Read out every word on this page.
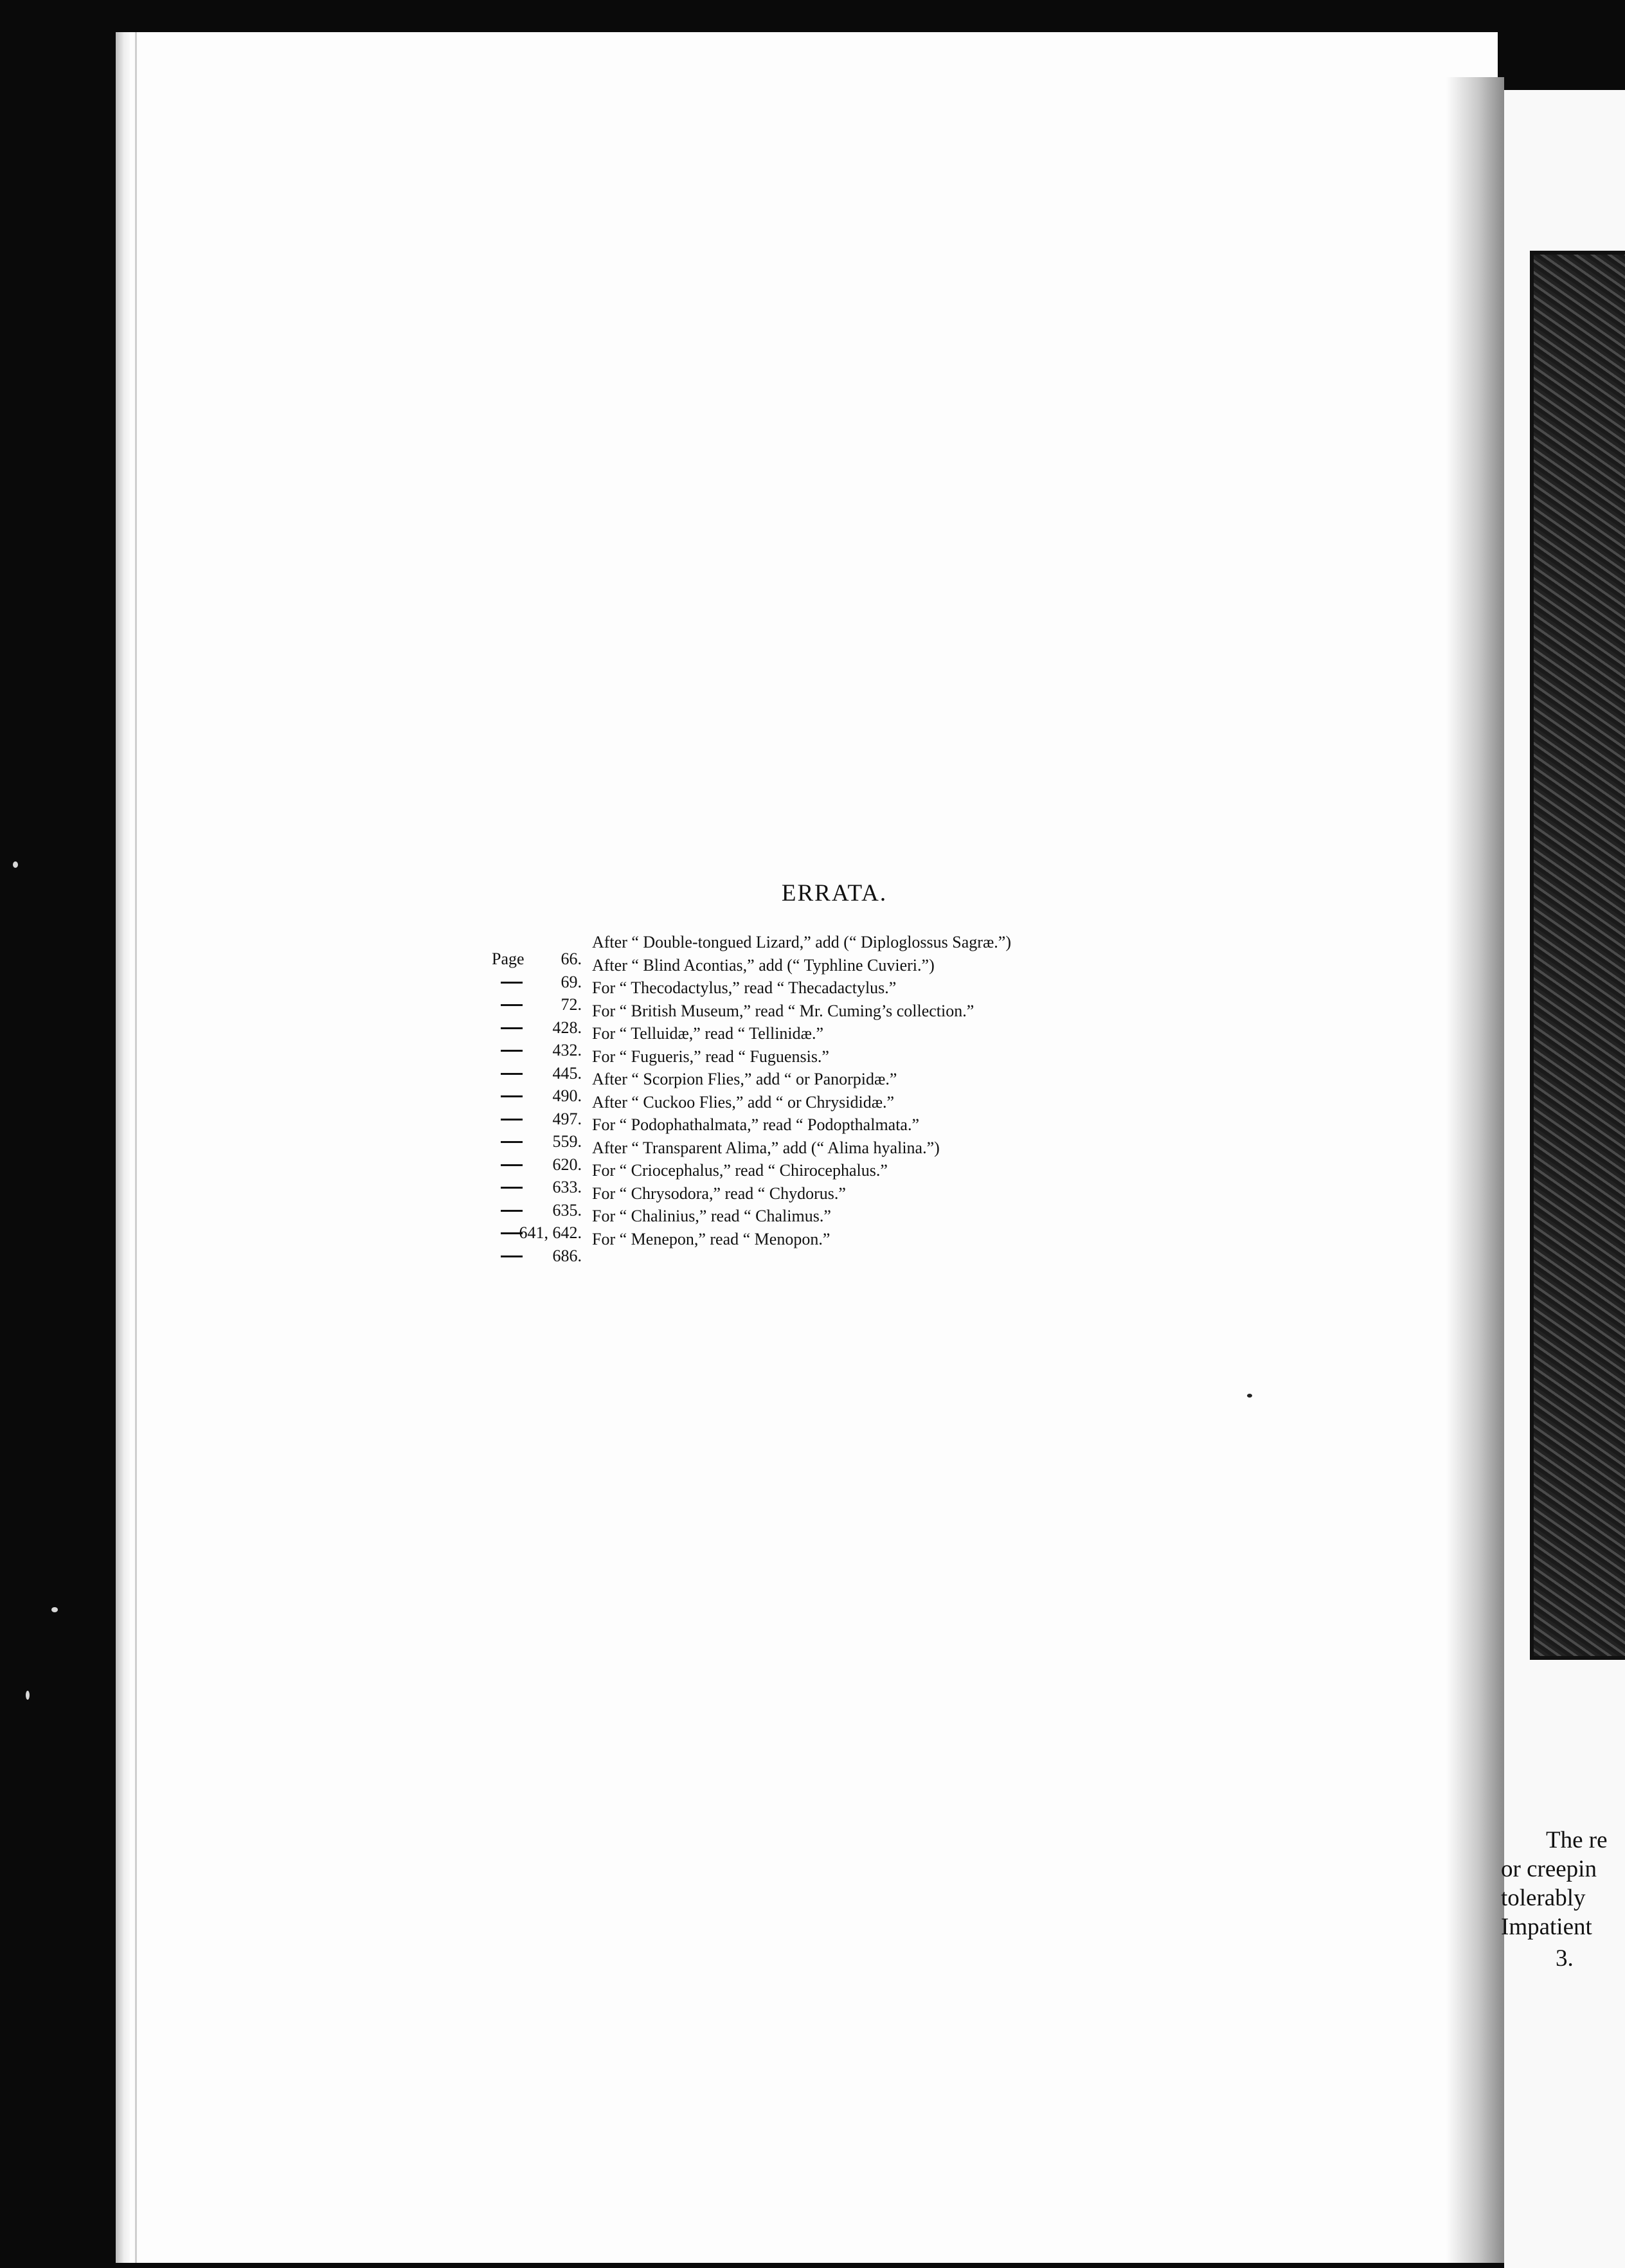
ERRATA.
Page	66.
After “ Double-tongued Lizard,” add (“ Diploglossus Sagræ.”)
69.
After “ Blind Acontias,” add (“ Typhline Cuvieri.”)
72.
For “ Thecodactylus,” read “ Thecadactylus.”
428.
For “ British Museum,” read “ Mr. Cuming’s collection.”
432.
For “ Telluidæ,” read “ Tellinidæ.”
445.
For “ Fugueris,” read “ Fuguensis.”
490.
After “ Scorpion Flies,” add “ or Panorpidæ.”
497.
After “ Cuckoo Flies,” add “ or Chrysididæ.”
559.
For “ Podophathalmata,” read “ Podopthalmata.”
620.
After “ Transparent Alima,” add (“ Alima hyalina.”)
633.
For “ Criocephalus,” read “ Chirocephalus.”
635.
For “ Chrysodora,” read “ Chydorus.”
641, 642.
For “ Chalinius,” read “ Chalimus.”
686.
For “ Menepon,” read “ Menopon.”
The re
or creepin
tolerably
Impatient
3.
